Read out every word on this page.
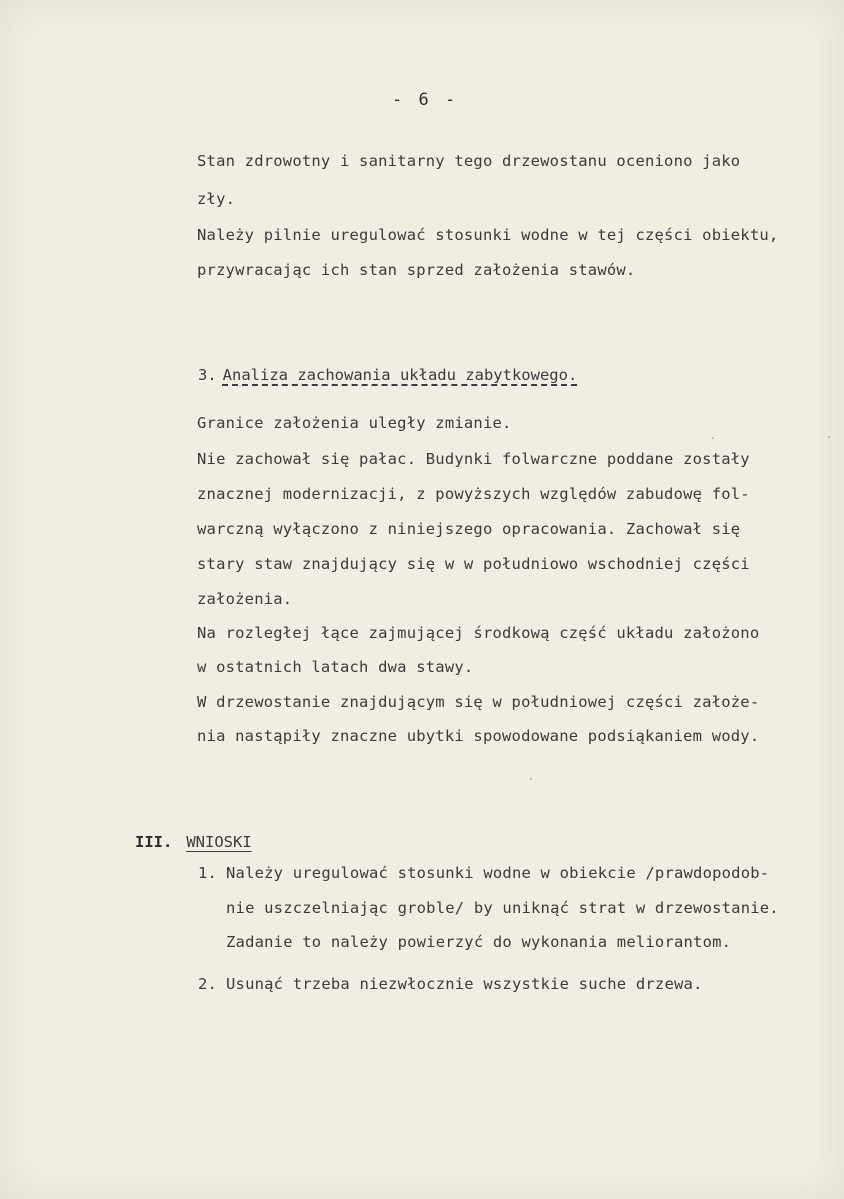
- 6 -
Stan zdrowotny i sanitarny tego drzewostanu oceniono jako
zły.
Należy pilnie uregulować stosunki wodne w tej części obiektu,
przywracając ich stan sprzed założenia stawów.
3. Analiza zachowania układu zabytkowego.
Granice założenia uległy zmianie.
Nie zachował się pałac. Budynki folwarczne poddane zostały
znacznej modernizacji, z powyższych względów zabudowę fol-
warczną wyłączono z niniejszego opracowania. Zachował się
stary staw znajdujący się w w południowo wschodniej części
założenia.
Na rozległej łące zajmującej środkową część układu założono
w ostatnich latach dwa stawy.
W drzewostanie znajdującym się w południowej części założe-
nia nastąpiły znaczne ubytki spowodowane podsiąkaniem wody.
III. WNIOSKI
1. Należy uregulować stosunki wodne w obiekcie /prawdopodob-
nie uszczelniając groble/ by uniknąć strat w drzewostanie.
Zadanie to należy powierzyć do wykonania meliorantom.
2. Usunąć trzeba niezwłocznie wszystkie suche drzewa.
